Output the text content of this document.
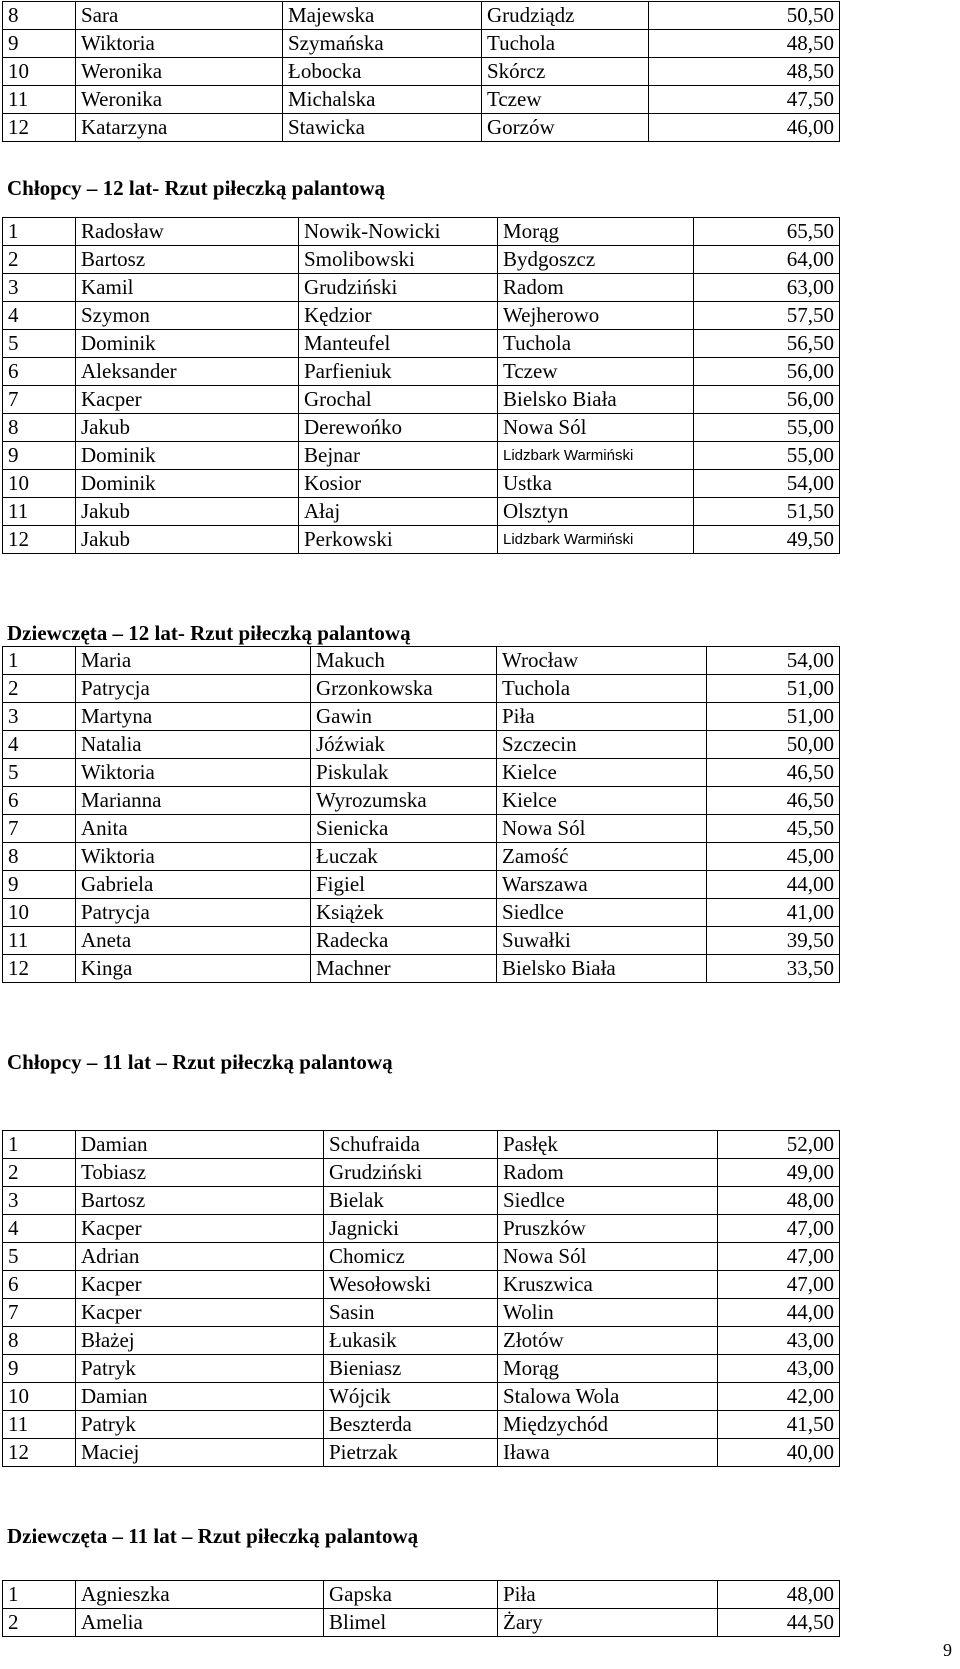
8	Sara	Majewska	Grudziądz	50,50
9	Wiktoria	Szymańska	Tuchola	48,50
10	Weronika	Łobocka	Skórcz	48,50
11	Weronika	Michalska	Tczew	47,50
12	Katarzyna	Stawicka	Gorzów	46,00
Chłopcy – 12 lat- Rzut piłeczką palantową
1	Radosław	Nowik-Nowicki	Morąg	65,50
2	Bartosz	Smolibowski	Bydgoszcz	64,00
3	Kamil	Grudziński	Radom	63,00
4	Szymon	Kędzior	Wejherowo	57,50
5	Dominik	Manteufel	Tuchola	56,50
6	Aleksander	Parfieniuk	Tczew	56,00
7	Kacper	Grochal	Bielsko Biała	56,00
8	Jakub	Derewońko	Nowa Sól	55,00
9	Dominik	Bejnar	Lidzbark Warmiński	55,00
10	Dominik	Kosior	Ustka	54,00
11	Jakub	Ałaj	Olsztyn	51,50
12	Jakub	Perkowski	Lidzbark Warmiński	49,50
Dziewczęta – 12 lat- Rzut piłeczką palantową
1	Maria	Makuch	Wrocław	54,00
2	Patrycja	Grzonkowska	Tuchola	51,00
3	Martyna	Gawin	Piła	51,00
4	Natalia	Jóźwiak	Szczecin	50,00
5	Wiktoria	Piskulak	Kielce	46,50
6	Marianna	Wyrozumska	Kielce	46,50
7	Anita	Sienicka	Nowa Sól	45,50
8	Wiktoria	Łuczak	Zamość	45,00
9	Gabriela	Figiel	Warszawa	44,00
10	Patrycja	Książek	Siedlce	41,00
11	Aneta	Radecka	Suwałki	39,50
12	Kinga	Machner	Bielsko Biała	33,50
Chłopcy – 11 lat – Rzut piłeczką palantową
1	Damian	Schufraida	Pasłęk	52,00
2	Tobiasz	Grudziński	Radom	49,00
3	Bartosz	Bielak	Siedlce	48,00
4	Kacper	Jagnicki	Pruszków	47,00
5	Adrian	Chomicz	Nowa Sól	47,00
6	Kacper	Wesołowski	Kruszwica	47,00
7	Kacper	Sasin	Wolin	44,00
8	Błażej	Łukasik	Złotów	43,00
9	Patryk	Bieniasz	Morąg	43,00
10	Damian	Wójcik	Stalowa Wola	42,00
11	Patryk	Beszterda	Międzychód	41,50
12	Maciej	Pietrzak	Iława	40,00
Dziewczęta – 11 lat – Rzut piłeczką palantową
1	Agnieszka	Gapska	Piła	48,00
2	Amelia	Blimel	Żary	44,50
9
